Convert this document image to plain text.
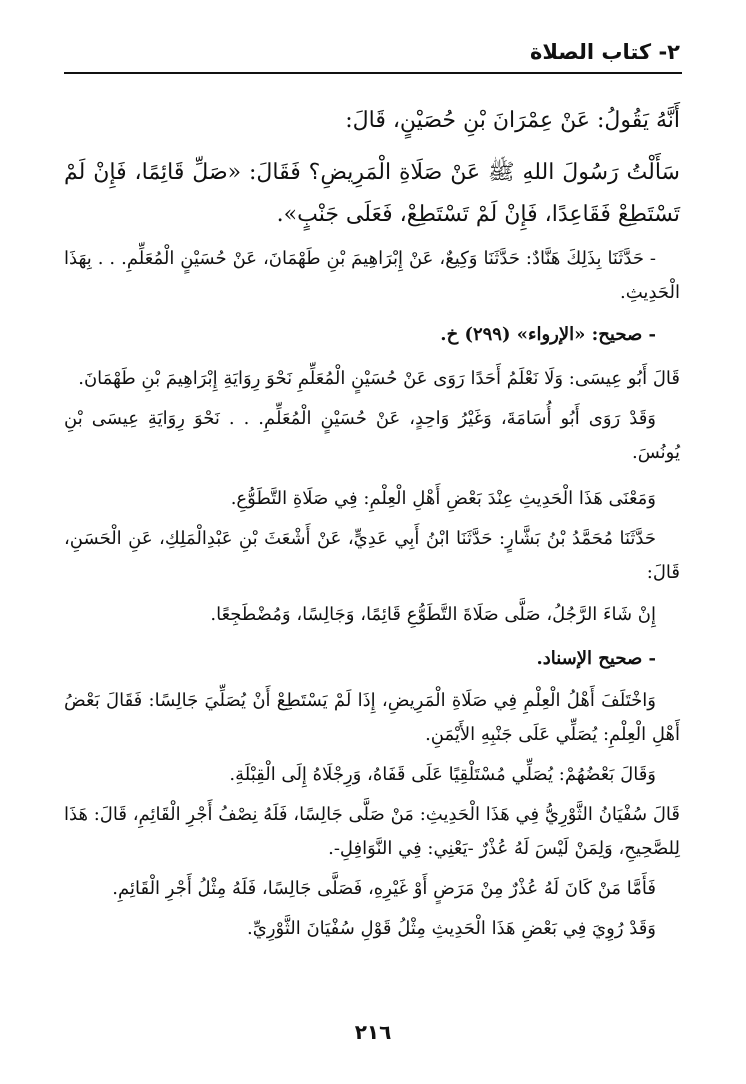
٢- كتاب الصلاة

أَنَّهُ يَقُولُ: عَنْ عِمْرَانَ بْنِ حُصَيْنٍ، قَالَ:

سَأَلْتُ رَسُولَ اللهِ ﷺ عَنْ صَلَاةِ الْمَرِيضِ؟ فَقَالَ: «صَلِّ قَائِمًا، فَإِنْ لَمْ تَسْتَطِعْ فَقَاعِدًا، فَإِنْ لَمْ تَسْتَطِعْ، فَعَلَى جَنْبٍ».

- حَدَّثَنَا بِذَلِكَ هَنَّادٌ: حَدَّثَنَا وَكِيعٌ، عَنْ إِبْرَاهِيمَ بْنِ طَهْمَانَ، عَنْ حُسَيْنٍ الْمُعَلِّمِ. . . بِهَذَا الْحَدِيثِ.

- صحيح: «الإرواء» (٢٩٩) خ.

قَالَ أَبُو عِيسَى: وَلَا نَعْلَمُ أَحَدًا رَوَى عَنْ حُسَيْنٍ الْمُعَلِّمِ نَحْوَ رِوَايَةِ إِبْرَاهِيمَ بْنِ طَهْمَانَ.

وَقَدْ رَوَى أَبُو أُسَامَةَ، وَغَيْرُ وَاحِدٍ، عَنْ حُسَيْنٍ الْمُعَلِّمِ. . . نَحْوَ رِوَايَةِ عِيسَى بْنِ يُونُسَ.

وَمَعْنَى هَذَا الْحَدِيثِ عِنْدَ بَعْضِ أَهْلِ الْعِلْمِ: فِي صَلَاةِ التَّطَوُّعِ.

حَدَّثَنَا مُحَمَّدُ بْنُ بَشَّارٍ: حَدَّثَنَا ابْنُ أَبِي عَدِيٍّ، عَنْ أَشْعَثَ بْنِ عَبْدِالْمَلِكِ، عَنِ الْحَسَنِ، قَالَ:

إِنْ شَاءَ الرَّجُلُ، صَلَّى صَلَاةَ التَّطَوُّعِ قَائِمًا، وَجَالِسًا، وَمُضْطَجِعًا.

- صحيح الإسناد.

وَاخْتَلَفَ أَهْلُ الْعِلْمِ فِي صَلَاةِ الْمَرِيضِ، إِذَا لَمْ يَسْتَطِعْ أَنْ يُصَلِّيَ جَالِسًا: فَقَالَ بَعْضُ أَهْلِ الْعِلْمِ: يُصَلِّي عَلَى جَنْبِهِ الأَيْمَنِ.

وَقَالَ بَعْضُهُمْ: يُصَلِّي مُسْتَلْقِيًا عَلَى قَفَاهُ، وَرِجْلَاهُ إِلَى الْقِبْلَةِ.

قَالَ سُفْيَانُ الثَّوْرِيُّ فِي هَذَا الْحَدِيثِ: مَنْ صَلَّى جَالِسًا، فَلَهُ نِصْفُ أَجْرِ الْقَائِمِ، قَالَ: هَذَا لِلصَّحِيحِ، وَلِمَنْ لَيْسَ لَهُ عُذْرٌ -يَعْنِي: فِي النَّوَافِلِ-.

فَأَمَّا مَنْ كَانَ لَهُ عُذْرٌ مِنْ مَرَضٍ أَوْ غَيْرِهِ، فَصَلَّى جَالِسًا، فَلَهُ مِثْلُ أَجْرِ الْقَائِمِ.

وَقَدْ رُوِيَ فِي بَعْضِ هَذَا الْحَدِيثِ مِثْلُ قَوْلِ سُفْيَانَ الثَّوْرِيِّ.

٢١٦
